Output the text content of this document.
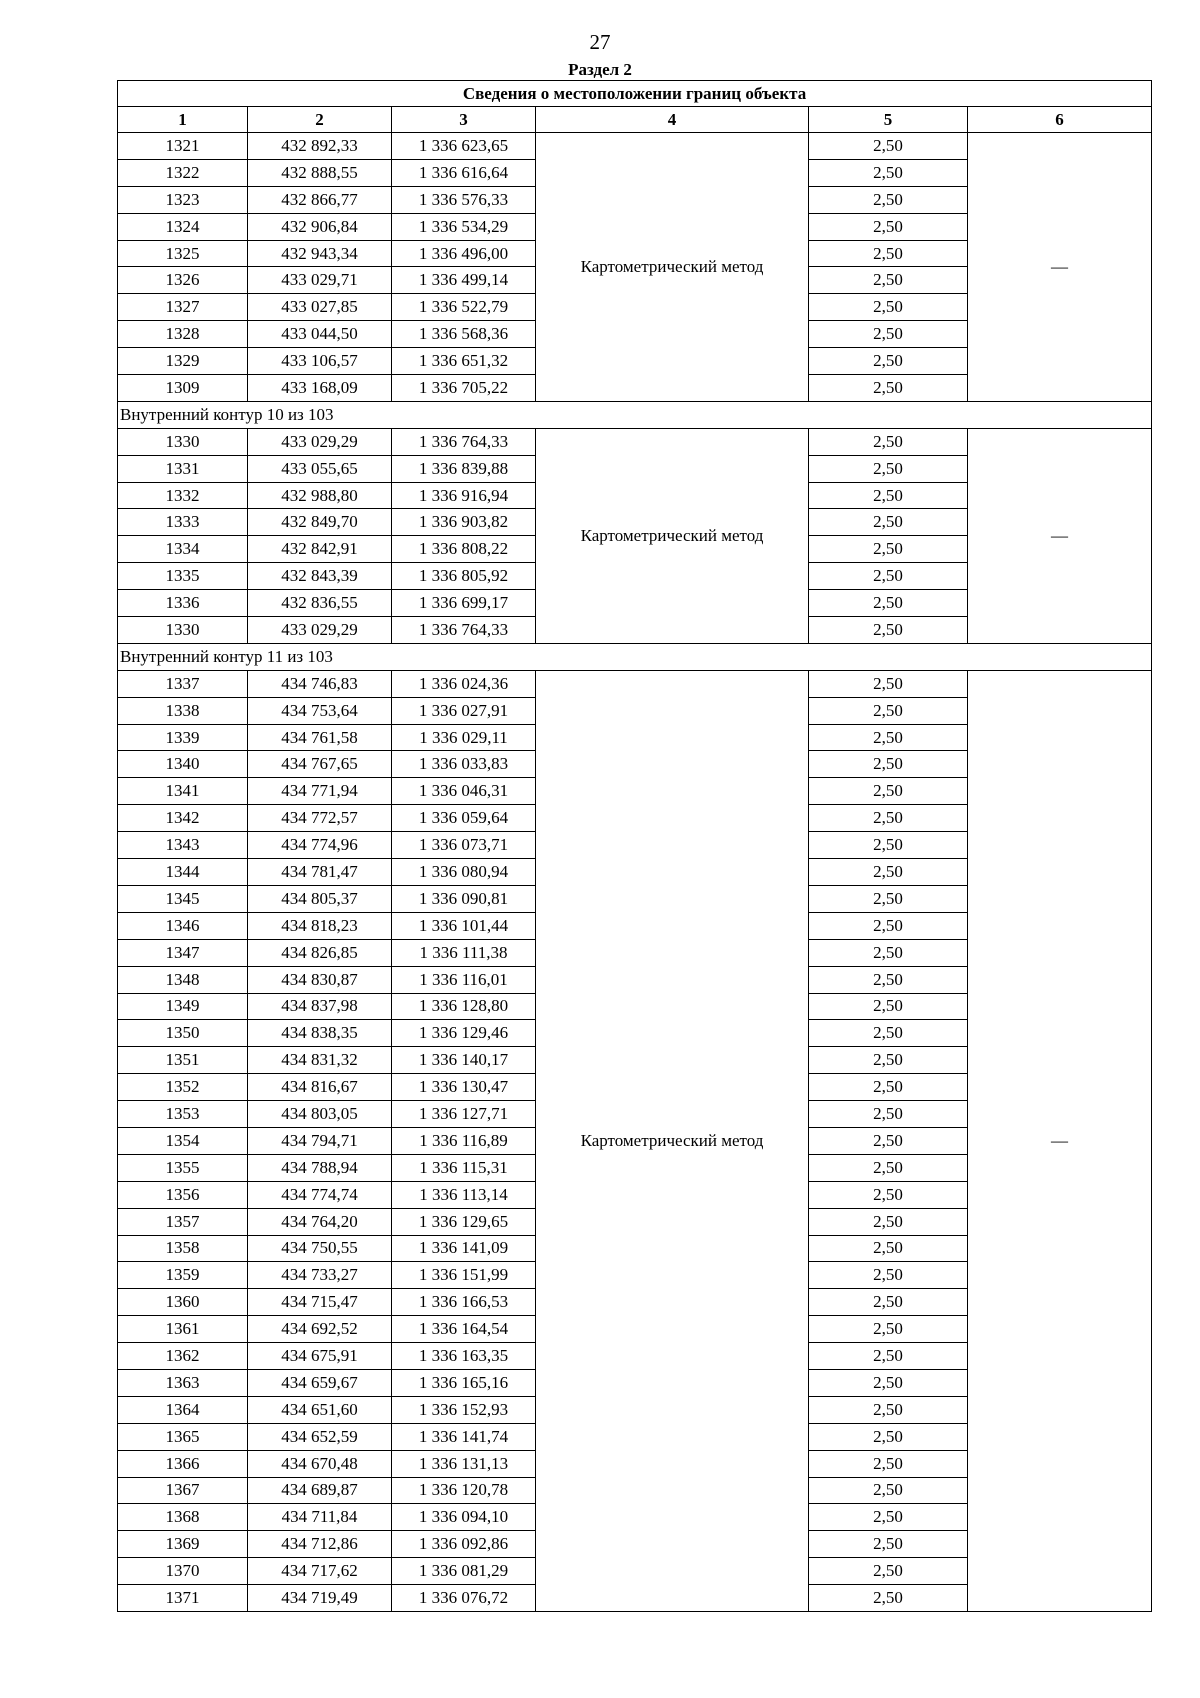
27
Раздел 2
Сведения о местоположении границ объекта					
1	2	3	4	5	6
1321	432 892,33	1 336 623,65	Картометрический метод	2,50	—
1322	432 888,55	1 336 616,64		2,50	
1323	432 866,77	1 336 576,33		2,50	
1324	432 906,84	1 336 534,29		2,50	
1325	432 943,34	1 336 496,00		2,50	
1326	433 029,71	1 336 499,14		2,50	
1327	433 027,85	1 336 522,79		2,50	
1328	433 044,50	1 336 568,36		2,50	
1329	433 106,57	1 336 651,32		2,50	
1309	433 168,09	1 336 705,22		2,50	
Внутренний контур 10 из 103					
1330	433 029,29	1 336 764,33	Картометрический метод	2,50	—
1331	433 055,65	1 336 839,88		2,50	
1332	432 988,80	1 336 916,94		2,50	
1333	432 849,70	1 336 903,82		2,50	
1334	432 842,91	1 336 808,22		2,50	
1335	432 843,39	1 336 805,92		2,50	
1336	432 836,55	1 336 699,17		2,50	
1330	433 029,29	1 336 764,33		2,50	
Внутренний контур 11 из 103					
1337	434 746,83	1 336 024,36	Картометрический метод	2,50	—
1338	434 753,64	1 336 027,91		2,50	
1339	434 761,58	1 336 029,11		2,50	
1340	434 767,65	1 336 033,83		2,50	
1341	434 771,94	1 336 046,31		2,50	
1342	434 772,57	1 336 059,64		2,50	
1343	434 774,96	1 336 073,71		2,50	
1344	434 781,47	1 336 080,94		2,50	
1345	434 805,37	1 336 090,81		2,50	
1346	434 818,23	1 336 101,44		2,50	
1347	434 826,85	1 336 111,38		2,50	
1348	434 830,87	1 336 116,01		2,50	
1349	434 837,98	1 336 128,80		2,50	
1350	434 838,35	1 336 129,46		2,50	
1351	434 831,32	1 336 140,17		2,50	
1352	434 816,67	1 336 130,47		2,50	
1353	434 803,05	1 336 127,71		2,50	
1354	434 794,71	1 336 116,89		2,50	
1355	434 788,94	1 336 115,31		2,50	
1356	434 774,74	1 336 113,14		2,50	
1357	434 764,20	1 336 129,65		2,50	
1358	434 750,55	1 336 141,09		2,50	
1359	434 733,27	1 336 151,99		2,50	
1360	434 715,47	1 336 166,53		2,50	
1361	434 692,52	1 336 164,54		2,50	
1362	434 675,91	1 336 163,35		2,50	
1363	434 659,67	1 336 165,16		2,50	
1364	434 651,60	1 336 152,93		2,50	
1365	434 652,59	1 336 141,74		2,50	
1366	434 670,48	1 336 131,13		2,50	
1367	434 689,87	1 336 120,78		2,50	
1368	434 711,84	1 336 094,10		2,50	
1369	434 712,86	1 336 092,86		2,50	
1370	434 717,62	1 336 081,29		2,50	
1371	434 719,49	1 336 076,72		2,50	
